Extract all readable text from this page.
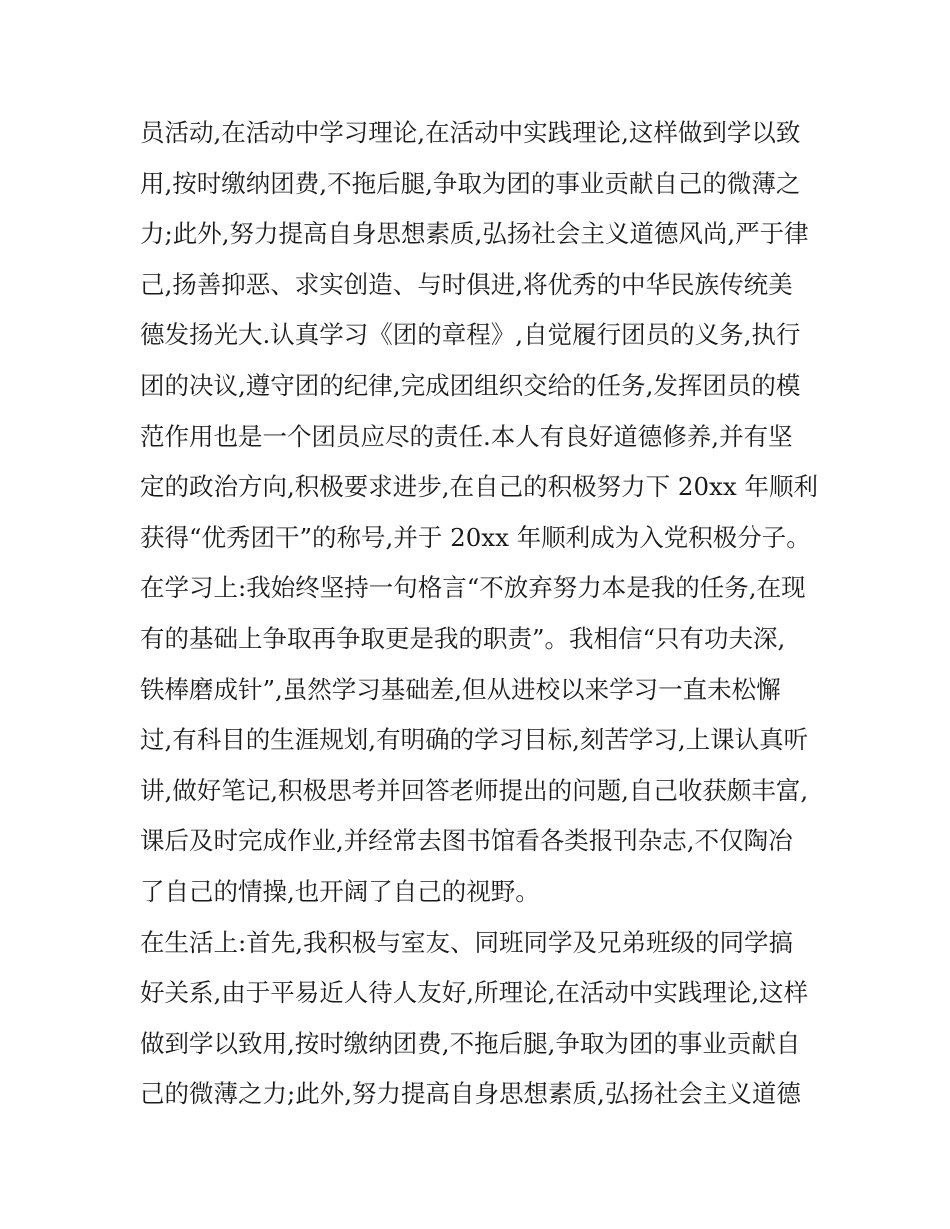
员活动,在活动中学习理论,在活动中实践理论,这样做到学以致
用,按时缴纳团费,不拖后腿,争取为团的事业贡献自己的微薄之
力;此外,努力提高自身思想素质,弘扬社会主义道德风尚,严于律
己,扬善抑恶、求实创造、与时俱进,将优秀的中华民族传统美
德发扬光大.认真学习《团的章程》,自觉履行团员的义务,执行
团的决议,遵守团的纪律,完成团组织交给的任务,发挥团员的模
范作用也是一个团员应尽的责任.本人有良好道德修养,并有坚
定的政治方向,积极要求进步,在自己的积极努力下 20xx 年顺利
获得“优秀团干”的称号,并于 20xx 年顺利成为入党积极分子。
在学习上:我始终坚持一句格言“不放弃努力本是我的任务,在现
有的基础上争取再争取更是我的职责”。我相信“只有功夫深,
铁棒磨成针”,虽然学习基础差,但从进校以来学习一直未松懈
过,有科目的生涯规划,有明确的学习目标,刻苦学习,上课认真听
讲,做好笔记,积极思考并回答老师提出的问题,自己收获颇丰富,
课后及时完成作业,并经常去图书馆看各类报刊杂志,不仅陶冶
了自己的情操,也开阔了自己的视野。
在生活上:首先,我积极与室友、同班同学及兄弟班级的同学搞
好关系,由于平易近人待人友好,所理论,在活动中实践理论,这样
做到学以致用,按时缴纳团费,不拖后腿,争取为团的事业贡献自
己的微薄之力;此外,努力提高自身思想素质,弘扬社会主义道德
